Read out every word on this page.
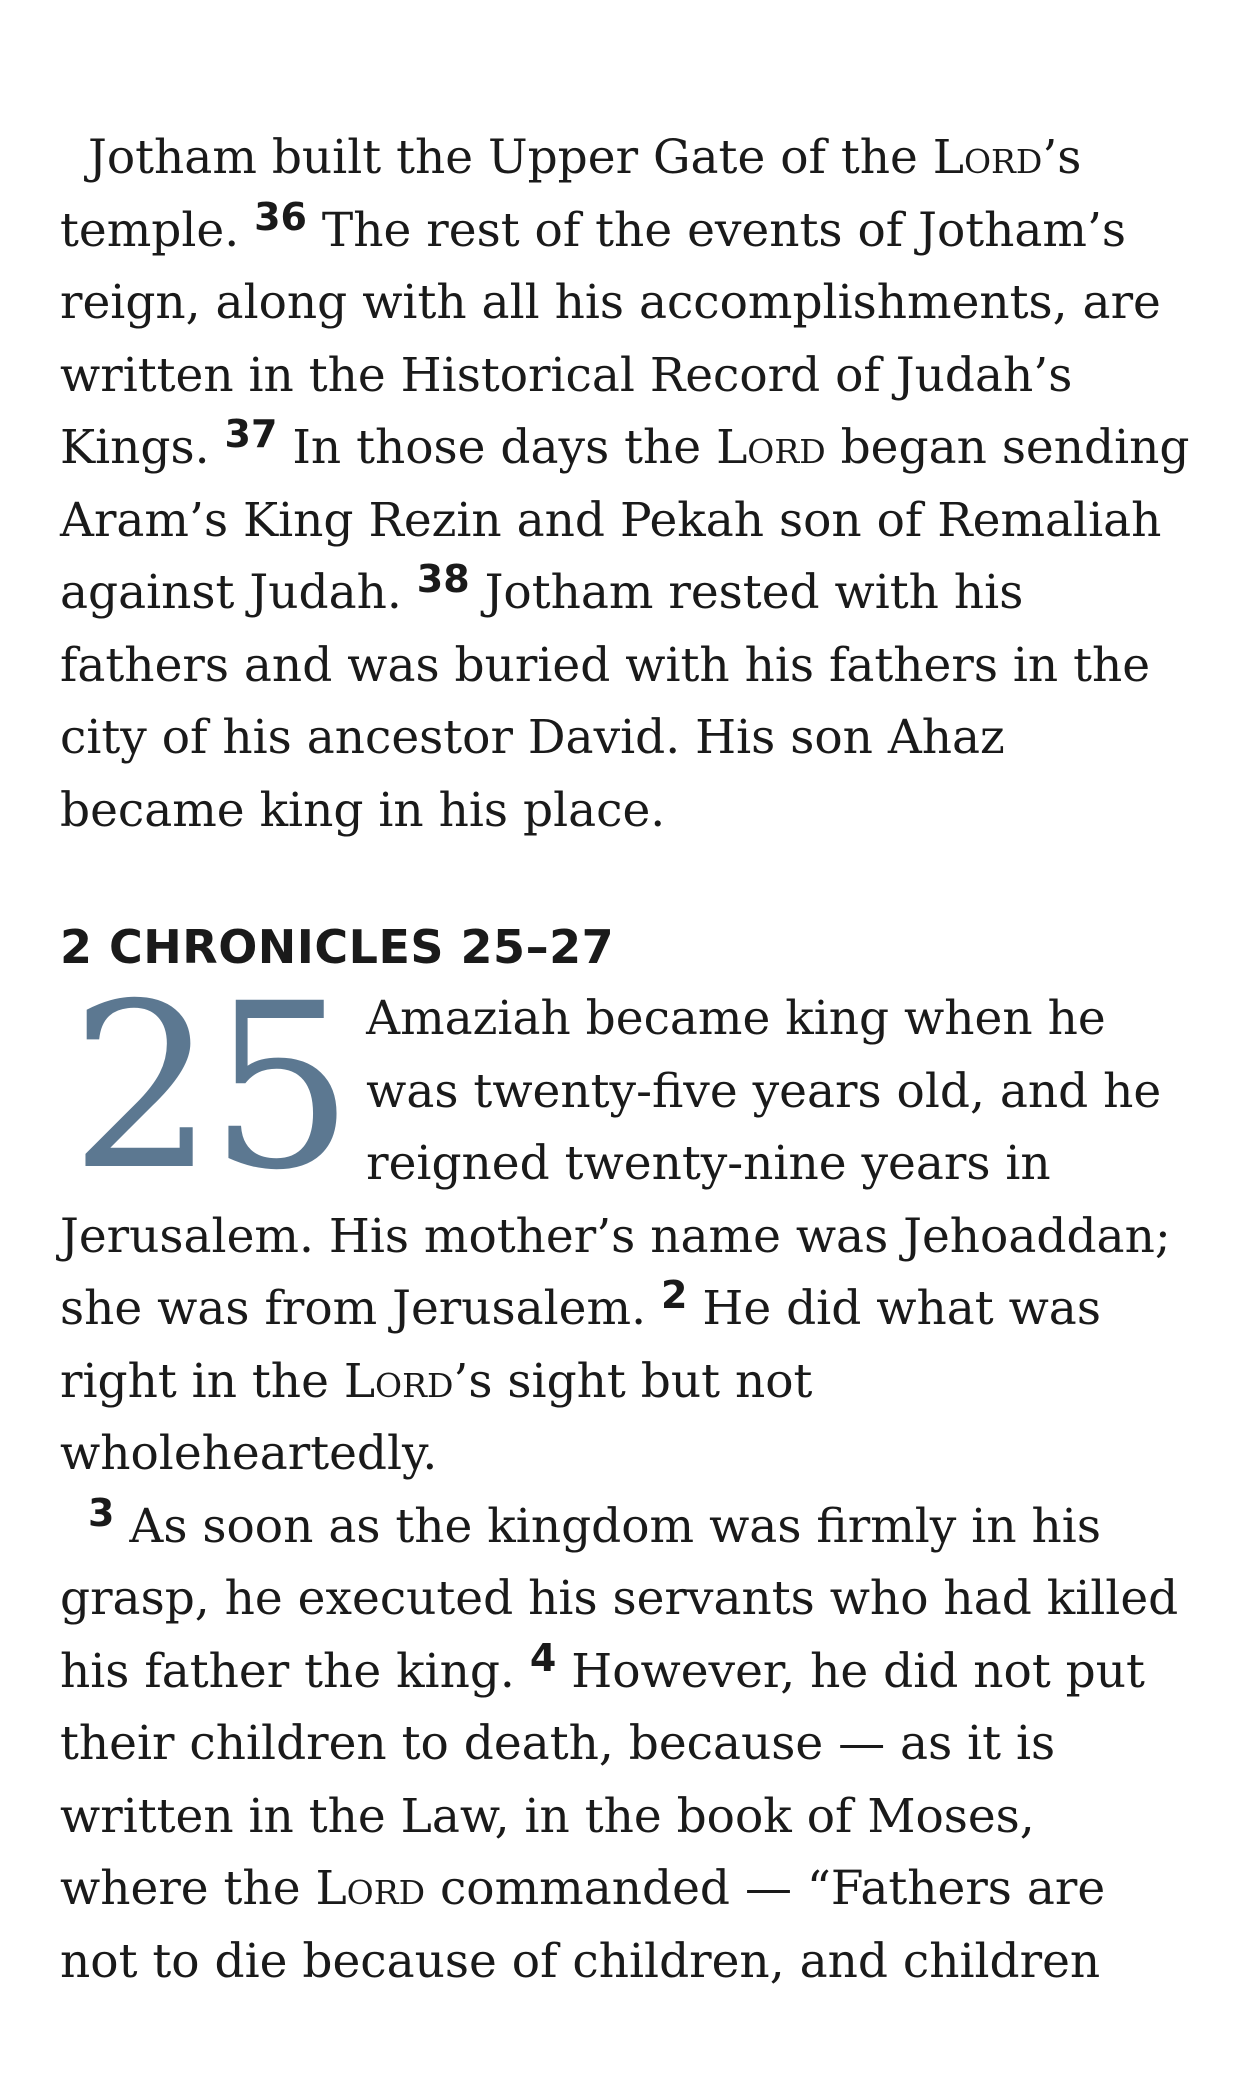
Jotham built the Upper Gate of the Lord’s temple. $^{36}$ The rest of the events of Jotham’s reign, along with all his accomplishments, are written in the Historical Record of Judah’s Kings. $^{37}$ In those days the Lord began sending Aram’s King Rezin and Pekah son of Remaliah against Judah. $^{38}$ Jotham rested with his fathers and was buried with his fathers in the city of his ancestor David. His son Ahaz became king in his place.

2 CHRONICLES 25–27

25 Amaziah became king when he was twenty-five years old, and he reigned twenty-nine years in Jerusalem. His mother’s name was Jehoaddan; she was from Jerusalem. $^2$ He did what was right in the Lord’s sight but not wholeheartedly.

$^3$ As soon as the kingdom was firmly in his grasp, he executed his servants who had killed his father the king. $^4$ However, he did not put their children to death, because — as it is written in the Law, in the book of Moses, where the Lord commanded — “Fathers are not to die because of children, and children
